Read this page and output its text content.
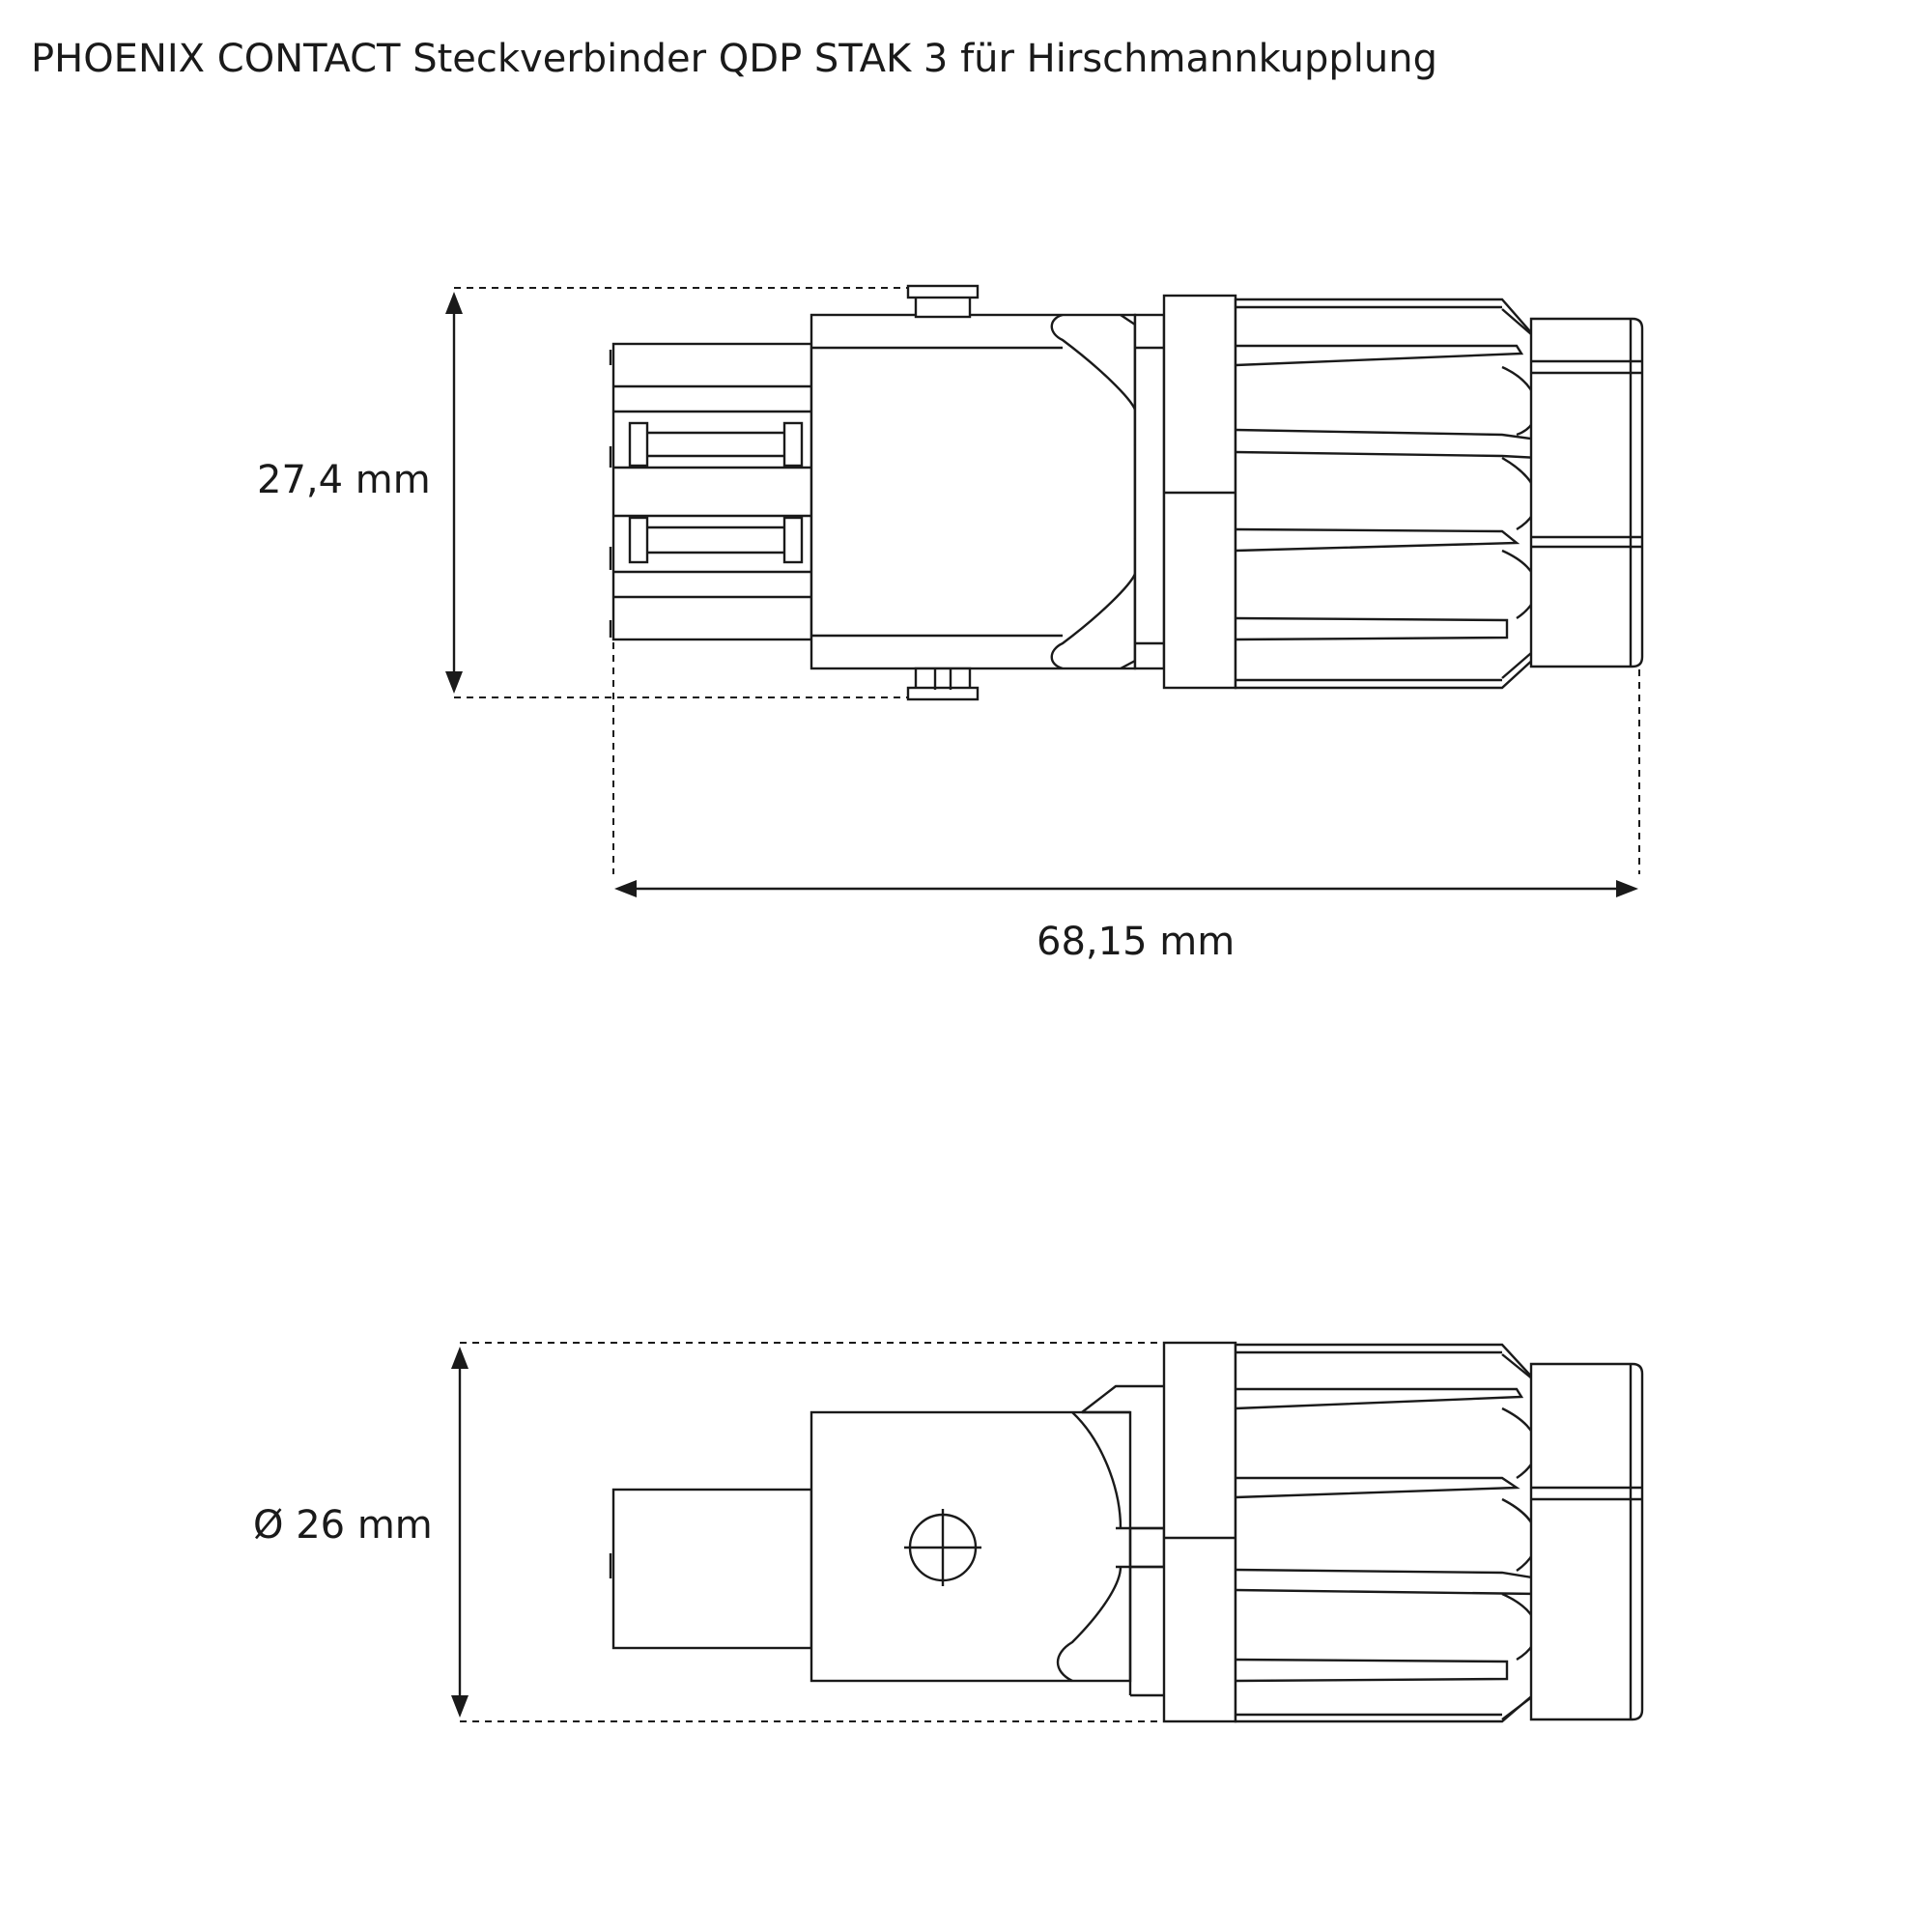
PHOENIX CONTACT Steckverbinder QDP STAK 3 für Hirschmannkupplung
27,4 mm
68,15 mm
Ø 26 mm
